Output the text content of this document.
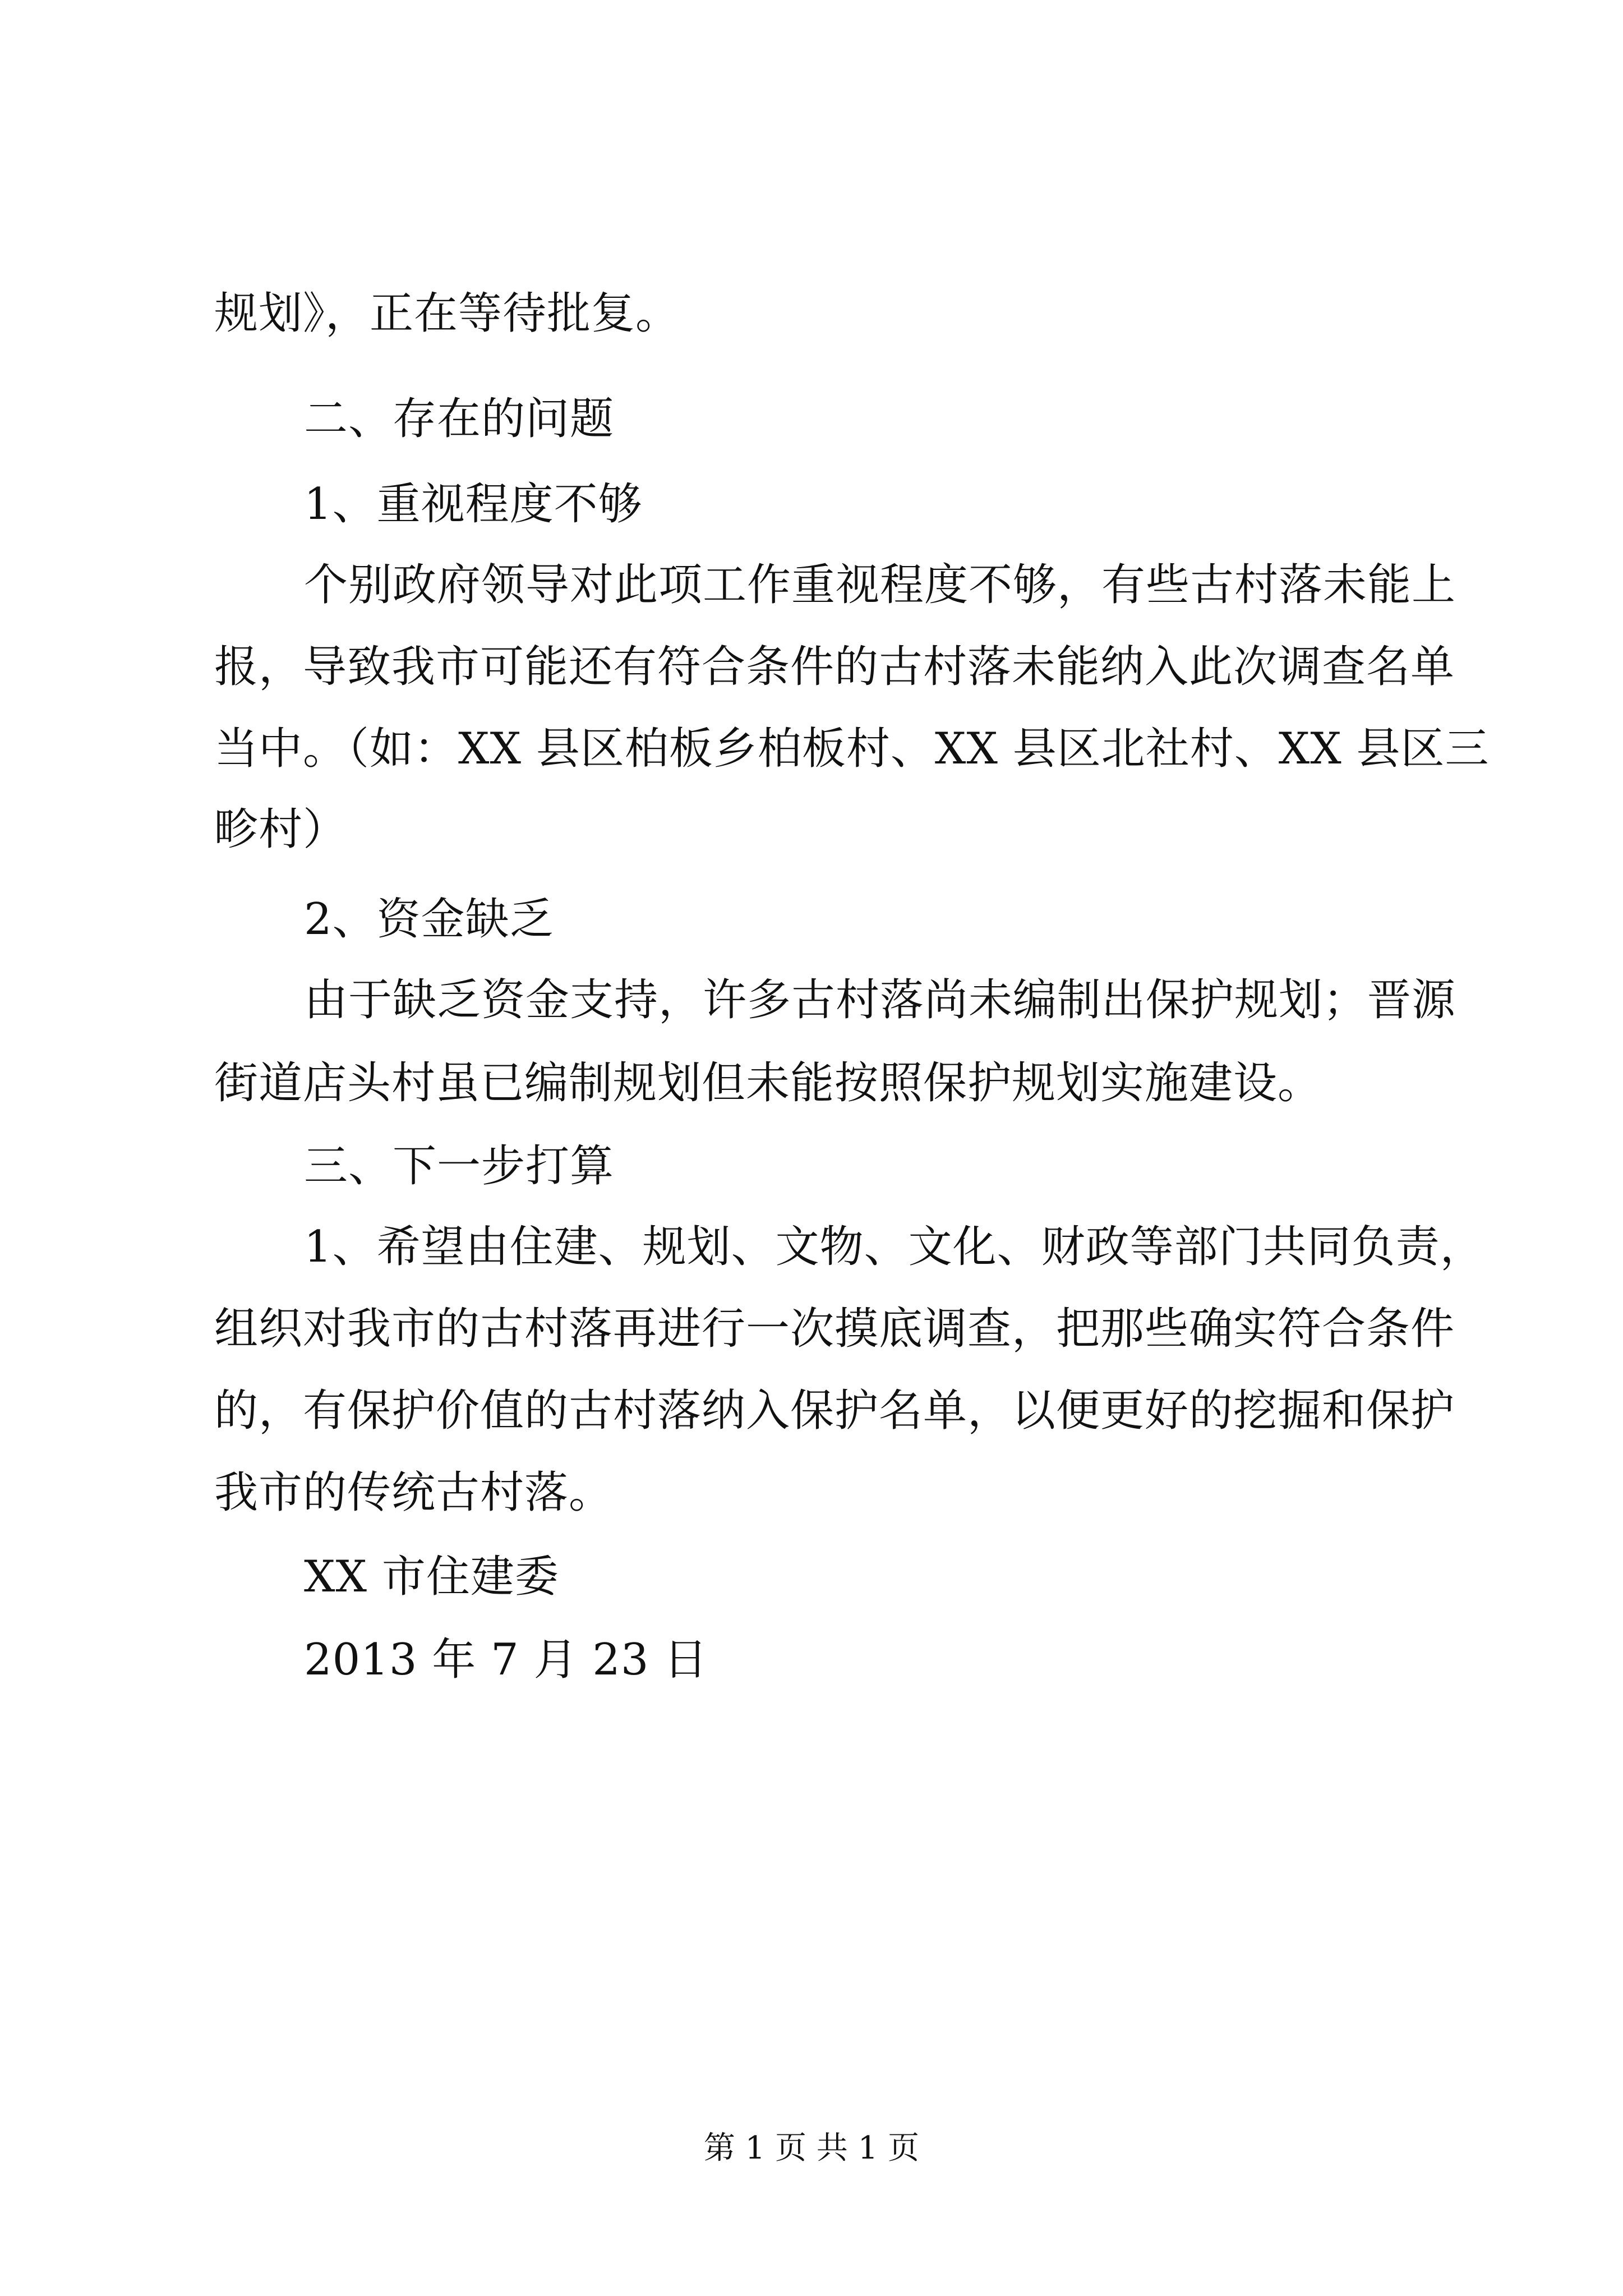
规划》，正在等待批复。
二、存在的问题
1、重视程度不够
个别政府领导对此项工作重视程度不够，有些古村落未能上
报，导致我市可能还有符合条件的古村落未能纳入此次调查名单
当中。（如：XX 县区柏板乡柏板村、XX 县区北社村、XX 县区三
畛村）
2、资金缺乏
由于缺乏资金支持，许多古村落尚未编制出保护规划；晋源
街道店头村虽已编制规划但未能按照保护规划实施建设。
三、下一步打算
1、希望由住建、规划、文物、文化、财政等部门共同负责，
组织对我市的古村落再进行一次摸底调查，把那些确实符合条件
的，有保护价值的古村落纳入保护名单，以便更好的挖掘和保护
我市的传统古村落。
XX 市住建委
2013 年 7 月 23 日
第 1 页 共 1 页
